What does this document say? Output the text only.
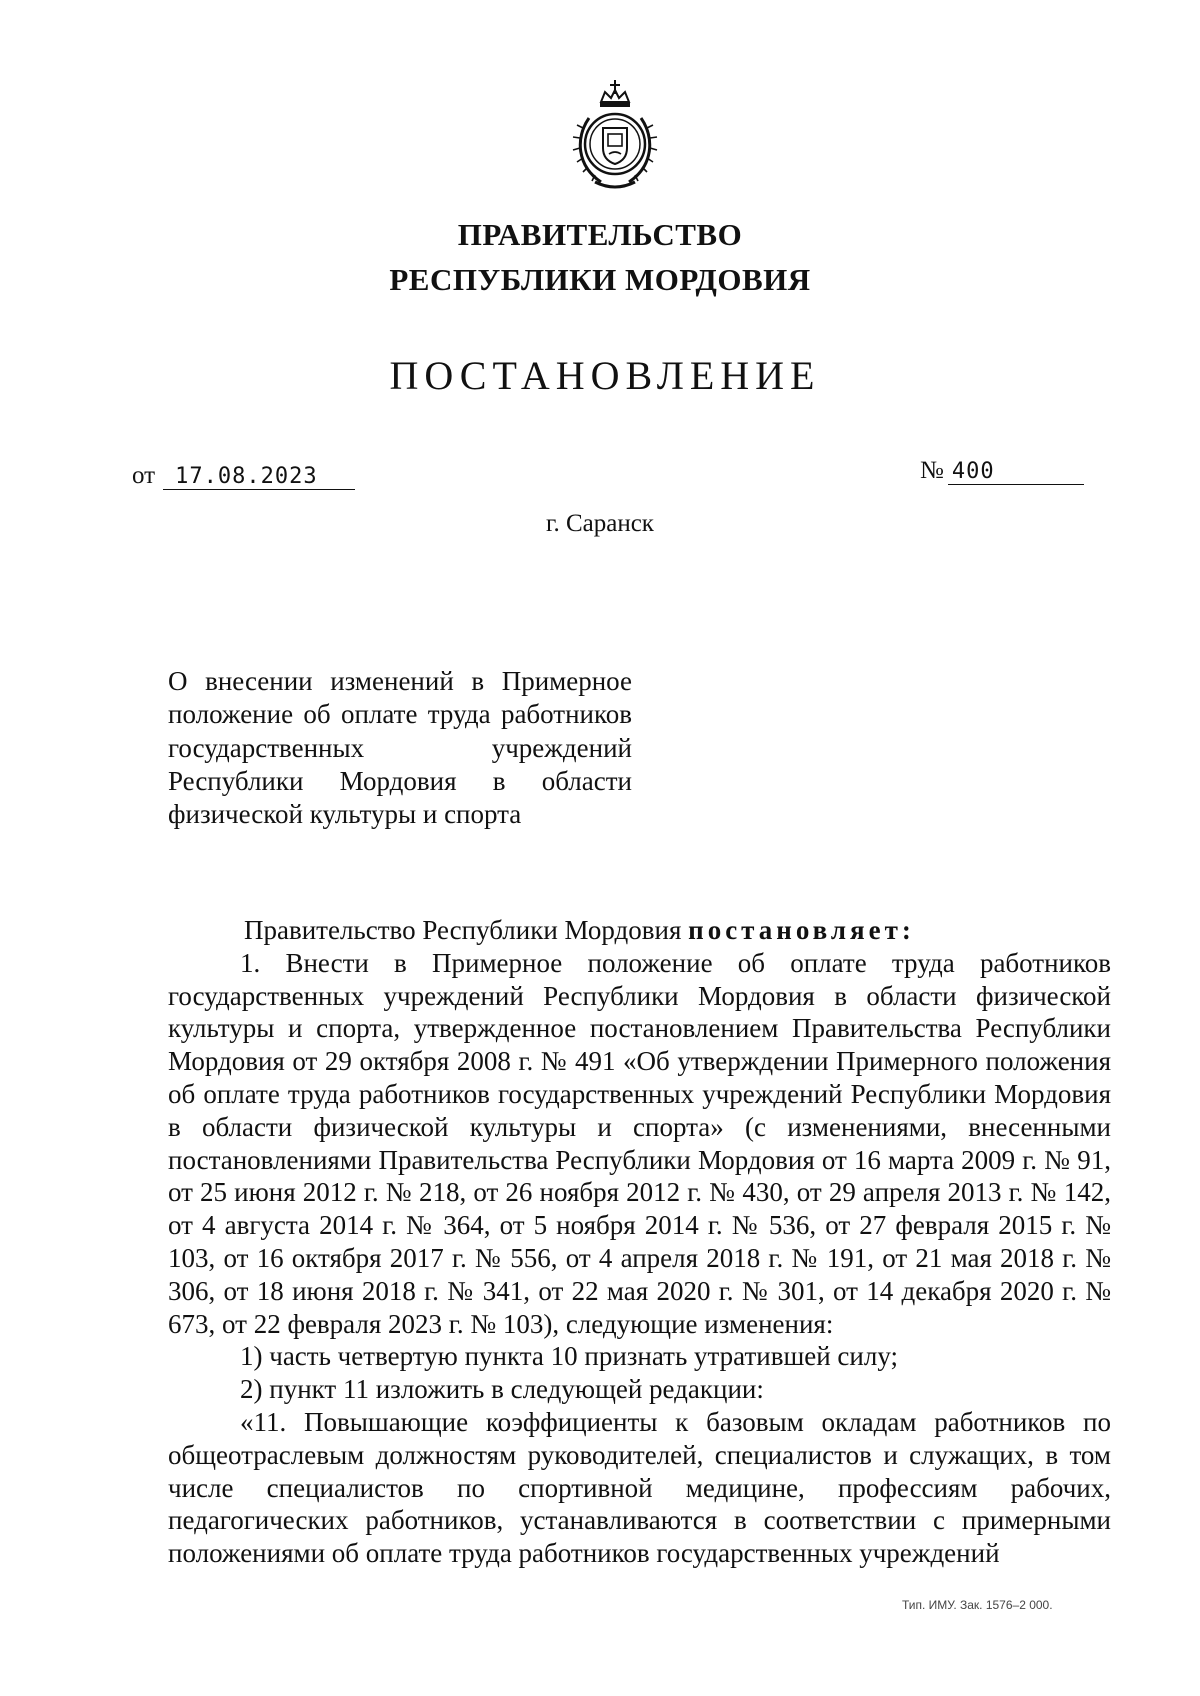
ПРАВИТЕЛЬСТВО
РЕСПУБЛИКИ МОРДОВИЯ
ПОСТАНОВЛЕНИЕ
от 17.08.2023	№ 400
г. Саранск
О внесении изменений в Примерное положение об оплате труда работников государственных учреждений Республики Мордовия в области физической культуры и спорта

Правительство Республики Мордовия постановляет:

1. Внести в Примерное положение об оплате труда работников государственных учреждений Республики Мордовия в области физической культуры и спорта, утвержденное постановлением Правительства Республики Мордовия от 29 октября 2008 г. № 491 «Об утверждении Примерного положения об оплате труда работников государственных учреждений Республики Мордовия в области физической культуры и спорта» (с изменениями, внесенными постановлениями Правительства Республики Мордовия от 16 марта 2009 г. № 91, от 25 июня 2012 г. № 218, от 26 ноября 2012 г. № 430, от 29 апреля 2013 г. № 142, от 4 августа 2014 г. № 364, от 5 ноября 2014 г. № 536, от 27 февраля 2015 г. № 103, от 16 октября 2017 г. № 556, от 4 апреля 2018 г. № 191, от 21 мая 2018 г. № 306, от 18 июня 2018 г. № 341, от 22 мая 2020 г. № 301, от 14 декабря 2020 г. № 673, от 22 февраля 2023 г. № 103), следующие изменения:

1) часть четвертую пункта 10 признать утратившей силу;

2) пункт 11 изложить в следующей редакции:

«11. Повышающие коэффициенты к базовым окладам работников по общеотраслевым должностям руководителей, специалистов и служащих, в том числе специалистов по спортивной медицине, профессиям рабочих, педагогических работников, устанавливаются в соответствии с примерными положениями об оплате труда работников государственных учреждений

Тип. ИМУ. Зак. 1576–2 000.
